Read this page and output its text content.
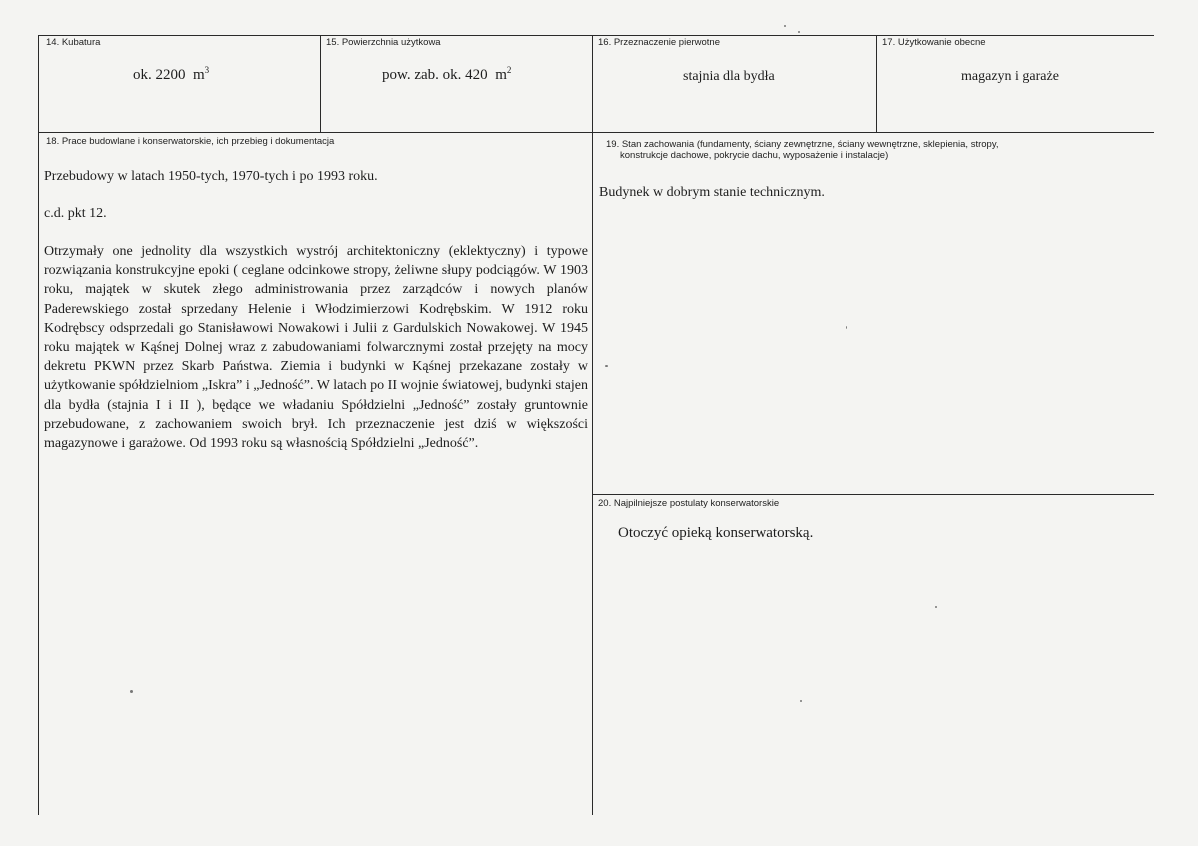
14. Kubatura
ok. 2200 $m^3$
15. Powierzchnia użytkowa
pow. zab. ok. 420 $m^2$
16. Przeznaczenie pierwotne
stajnia dla bydła
17. Użytkowanie obecne
magazyn i garaże
18. Prace budowlane i konserwatorskie, ich przebieg i dokumentacja
Przebudowy w latach 1950-tych, 1970-tych i po 1993 roku.
c.d. pkt 12.
Otrzymały one jednolity dla wszystkich wystrój architektoniczny (eklektyczny) i typowe rozwiązania konstrukcyjne epoki ( ceglane odcinkowe stropy, żeliwne słupy podciągów. W 1903 roku, majątek w skutek złego administrowania przez zarządców i nowych planów Paderewskiego został sprzedany Helenie i Włodzimierzowi Kodrębskim. W 1912 roku Kodrębscy odsprzedali go Stanisławowi Nowakowi i Julii z Gardulskich Nowakowej. W 1945 roku majątek w Kąśnej Dolnej wraz z zabudowaniami folwarcznymi został przejęty na mocy dekretu PKWN przez Skarb Państwa. Ziemia i budynki w Kąśnej przekazane zostały w użytkowanie spółdzielniom „Iskra” i „Jedność”. W latach po II wojnie światowej, budynki stajen dla bydła (stajnia I i II ), będące we władaniu Spółdzielni „Jedność” zostały gruntownie przebudowane, z zachowaniem swoich brył. Ich przeznaczenie jest dziś w większości magazynowe i garażowe. Od 1993 roku są własnością Spółdzielni „Jedność”.
19. Stan zachowania (fundamenty, ściany zewnętrzne, ściany wewnętrzne, sklepienia, stropy,
konstrukcje dachowe, pokrycie dachu, wyposażenie i instalacje)
Budynek w dobrym stanie technicznym.
20. Najpilniejsze postulaty konserwatorskie
Otoczyć opieką konserwatorską.
